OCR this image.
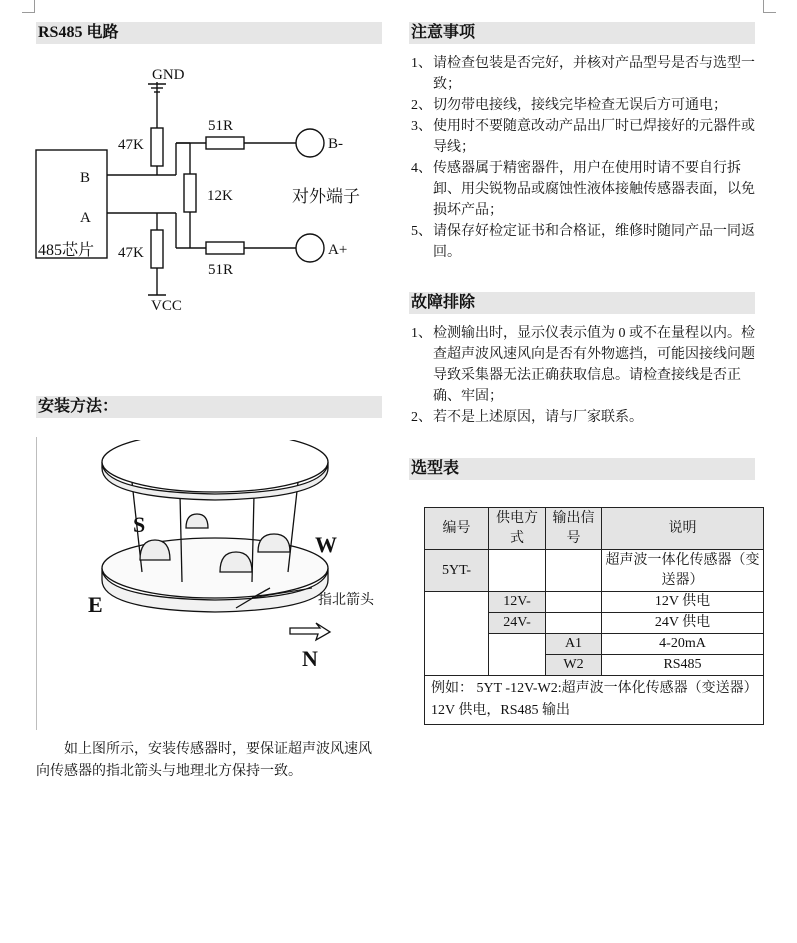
RS485 电路
GND
47K
51R
12K
47K
51R
VCC
B
A
485芯片
B-
A+
对外端子
安装方法：
S
W
E
N
指北箭头
如上图所示，安装传感器时，要保证超声波风速风向传感器的指北箭头与地理北方保持一致。
注意事项
1、 请检查包装是否完好，并核对产品型号是否与选型一致；
2、 切勿带电接线，接线完毕检查无误后方可通电；
3、 使用时不要随意改动产品出厂时已焊接好的元器件或导线；
4、 传感器属于精密器件，用户在使用时请不要自行拆卸、用尖锐物品或腐蚀性液体接触传感器表面，以免损坏产品；
5、 请保存好检定证书和合格证，维修时随同产品一同返回。
故障排除
1、 检测输出时，显示仪表示值为 0 或不在量程以内。检查超声波风速风向是否有外物遮挡，可能因接线问题导致采集器无法正确获取信息。请检查接线是否正确、牢固；
2、 若不是上述原因，请与厂家联系。
选型表
编号	供电方式	输出信号	说明
5YT-			超声波一体化传感器（变送器）
	12V-		12V 供电
	24V-		24V 供电
		A1	4-20mA
		W2	RS485
例如： 5YT -12V-W2:超声波一体化传感器（变送器）12V 供电，RS485 输出			
